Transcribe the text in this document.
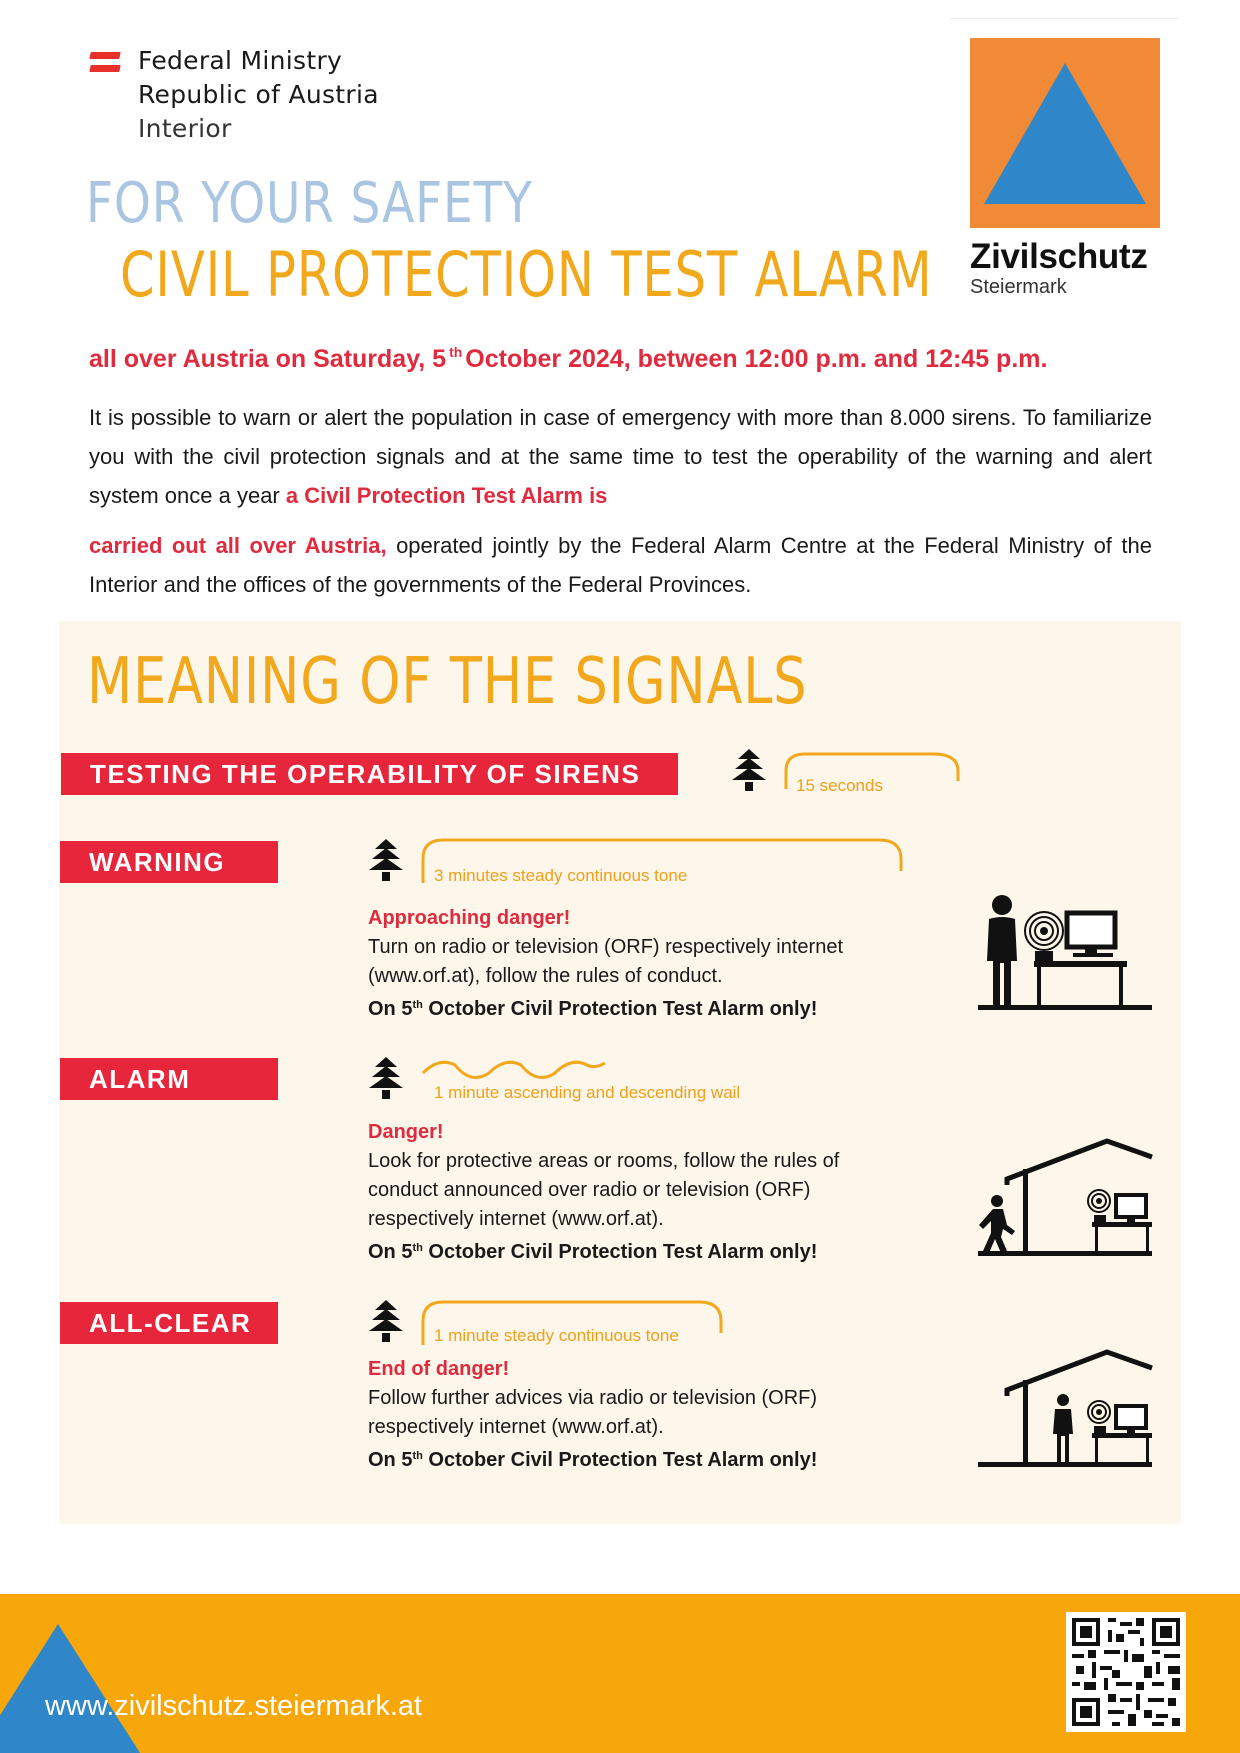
Federal Ministry
Republic of Austria
Interior
Zivilschutz
Steiermark
FOR YOUR SAFETY
CIVIL PROTECTION TEST ALARM
all over Austria on Saturday, 5 $^{th}$ October 2024, between 12:00 p.m. and 12:45 p.m.

It is possible to warn or alert the population in case of emergency with more than 8.000 sirens. To familiarize you with the civil protection signals and at the same time to test the operability of the warning and alert system once a year a Civil Protection Test Alarm is

carried out all over Austria, operated jointly by the Federal Alarm Centre at the Federal Ministry of the Interior and the offices of the governments of the Federal Provinces.

MEANING OF THE SIGNALS
TESTING THE OPERABILITY OF SIRENS	15 seconds
WARNING	3 minutes steady continuous tone
Approaching danger!
Turn on radio or television (ORF) respectively internet (www.orf.at), follow the rules of conduct.
On 5th October Civil Protection Test Alarm only!
ALARM	1 minute ascending and descending wail
Danger!
Look for protective areas or rooms, follow the rules of conduct announced over radio or television (ORF) respectively internet (www.orf.at).
On 5th October Civil Protection Test Alarm only!
ALL-CLEAR	1 minute steady continuous tone
End of danger!
Follow further advices via radio or television (ORF) respectively internet (www.orf.at).
On 5th October Civil Protection Test Alarm only!
www.zivilschutz.steiermark.at
